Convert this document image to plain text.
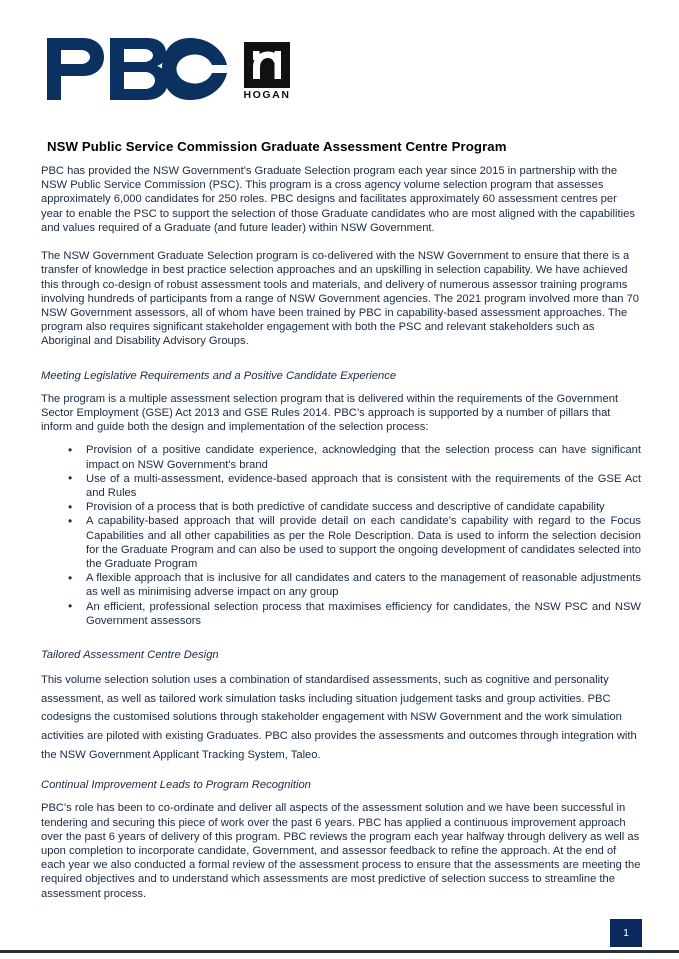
HOGAN
NSW Public Service Commission Graduate Assessment Centre Program

PBC has provided the NSW Government's Graduate Selection program each year since 2015 in partnership with the NSW Public Service Commission (PSC). This program is a cross agency volume selection program that assesses approximately 6,000 candidates for 250 roles. PBC designs and facilitates approximately 60 assessment centres per year to enable the PSC to support the selection of those Graduate candidates who are most aligned with the capabilities and values required of a Graduate (and future leader) within NSW Government.

The NSW Government Graduate Selection program is co-delivered with the NSW Government to ensure that there is a transfer of knowledge in best practice selection approaches and an upskilling in selection capability. We have achieved this through co-design of robust assessment tools and materials, and delivery of numerous assessor training programs involving hundreds of participants from a range of NSW Government agencies. The 2021 program involved more than 70 NSW Government assessors, all of whom have been trained by PBC in capability-based assessment approaches. The program also requires significant stakeholder engagement with both the PSC and relevant stakeholders such as Aboriginal and Disability Advisory Groups.

Meeting Legislative Requirements and a Positive Candidate Experience

The program is a multiple assessment selection program that is delivered within the requirements of the Government Sector Employment (GSE) Act 2013 and GSE Rules 2014. PBC’s approach is supported by a number of pillars that inform and guide both the design and implementation of the selection process:

• Provision of a positive candidate experience, acknowledging that the selection process can have significant impact on NSW Government's brand
• Use of a multi-assessment, evidence-based approach that is consistent with the requirements of the GSE Act and Rules
• Provision of a process that is both predictive of candidate success and descriptive of candidate capability
• A capability-based approach that will provide detail on each candidate’s capability with regard to the Focus Capabilities and all other capabilities as per the Role Description. Data is used to inform the selection decision for the Graduate Program and can also be used to support the ongoing development of candidates selected into the Graduate Program
• A flexible approach that is inclusive for all candidates and caters to the management of reasonable adjustments as well as minimising adverse impact on any group
• An efficient, professional selection process that maximises efficiency for candidates, the NSW PSC and NSW Government assessors
Tailored Assessment Centre Design

This volume selection solution uses a combination of standardised assessments, such as cognitive and personality assessment, as well as tailored work simulation tasks including situation judgement tasks and group activities. PBC codesigns the customised solutions through stakeholder engagement with NSW Government and the work simulation activities are piloted with existing Graduates. PBC also provides the assessments and outcomes through integration with the NSW Government Applicant Tracking System, Taleo.

Continual Improvement Leads to Program Recognition

PBC's role has been to co-ordinate and deliver all aspects of the assessment solution and we have been successful in tendering and securing this piece of work over the past 6 years. PBC has applied a continuous improvement approach over the past 6 years of delivery of this program. PBC reviews the program each year halfway through delivery as well as upon completion to incorporate candidate, Government, and assessor feedback to refine the approach. At the end of each year we also conducted a formal review of the assessment process to ensure that the assessments are meeting the required objectives and to understand which assessments are most predictive of selection success to streamline the assessment process.

1
